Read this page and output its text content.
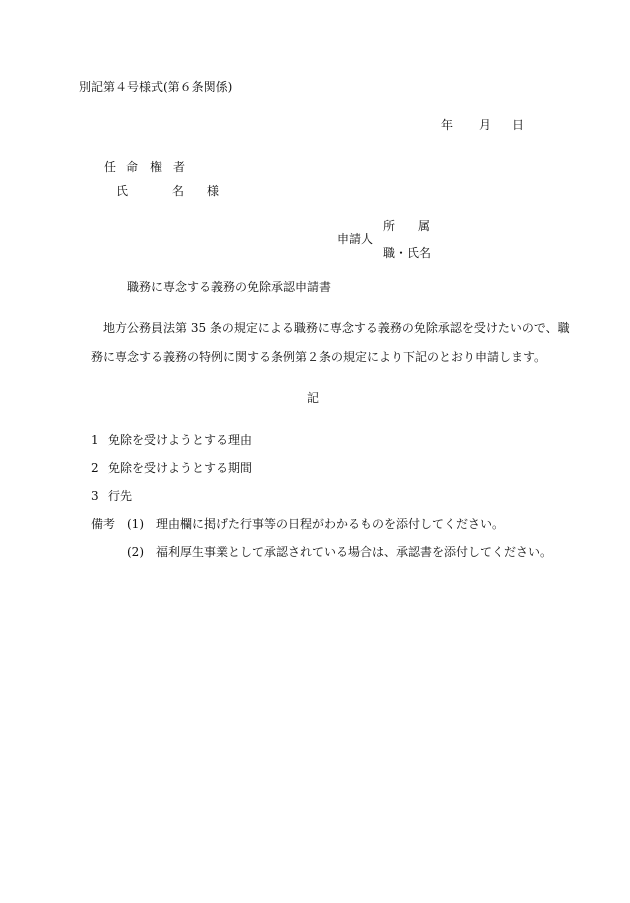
別記第４号様式(第６条関係)
年 月 日
任 命 権 者
氏	名 様
所 属
申請人
職・氏名
職務に専念する義務の免除承認申請書
地方公務員法第 35 条の規定による職務に専念する義務の免除承認を受けたいので、職
務に専念する義務の特例に関する条例第２条の規定により下記のとおり申請します。
記
1 免除を受けようとする理由
2 免除を受けようとする期間
3 行先
備考 (1) 理由欄に掲げた行事等の日程がわかるものを添付してください。
(2) 福利厚生事業として承認されている場合は、承認書を添付してください。
